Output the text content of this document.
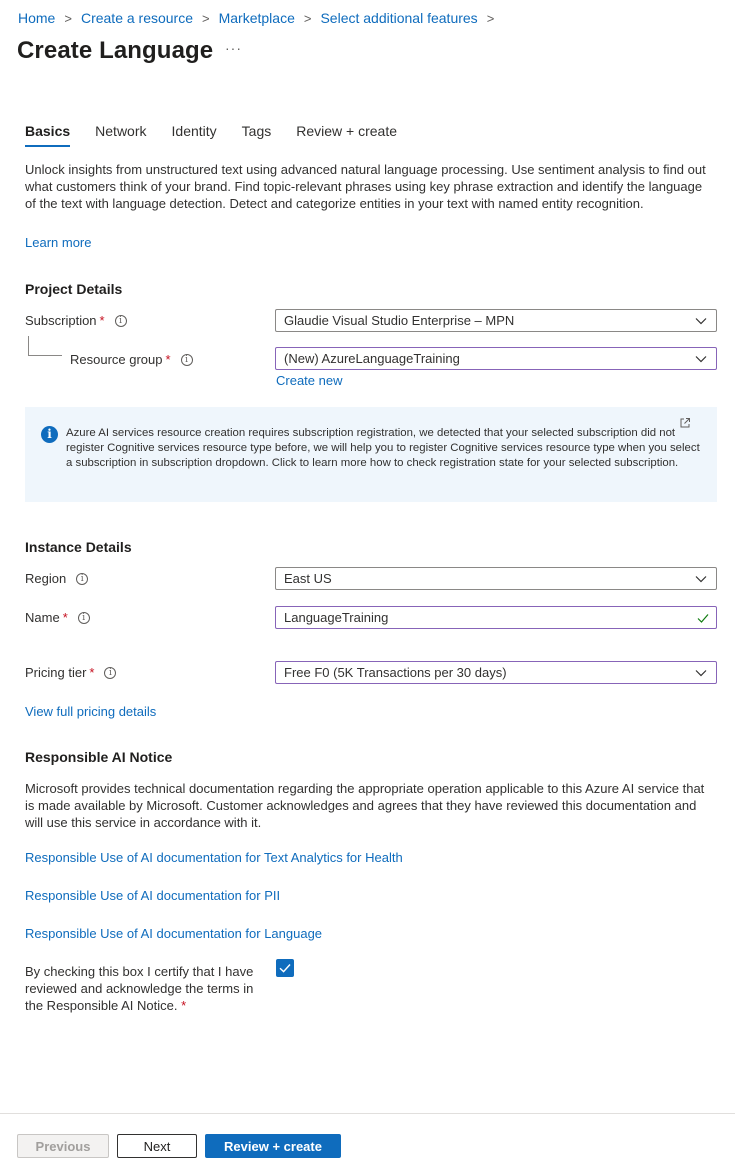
Home > Create a resource > Marketplace > Select additional features >
Create Language ···
Basics Network Identity Tags Review + create
Unlock insights from unstructured text using advanced natural language processing. Use sentiment analysis to find out what customers think of your brand. Find topic-relevant phrases using key phrase extraction and identify the language of the text with language detection. Detect and categorize entities in your text with named entity recognition.
Learn more
Project Details
Subscription *	i	Glaudie Visual Studio Enterprise – MPN
Resource group *	i	(New) AzureLanguageTraining
Create new
i	Azure AI services resource creation requires subscription registration, we detected that your selected subscription did not register Cognitive services resource type before, we will help you to register Cognitive services resource type when you select a subscription in subscription dropdown. Click to learn more how to check registration state for your selected subscription.
Instance Details
Region	i	East US
Name *	i	LanguageTraining
Pricing tier *	i	Free F0 (5K Transactions per 30 days)
View full pricing details
Responsible AI Notice
Microsoft provides technical documentation regarding the appropriate operation applicable to this Azure AI service that is made available by Microsoft. Customer acknowledges and agrees that they have reviewed this documentation and will use this service in accordance with it.
Responsible Use of AI documentation for Text Analytics for Health
Responsible Use of AI documentation for PII
Responsible Use of AI documentation for Language
By checking this box I certify that I have reviewed and acknowledge the terms in the Responsible AI Notice. *
Previous	Next	Review + create
